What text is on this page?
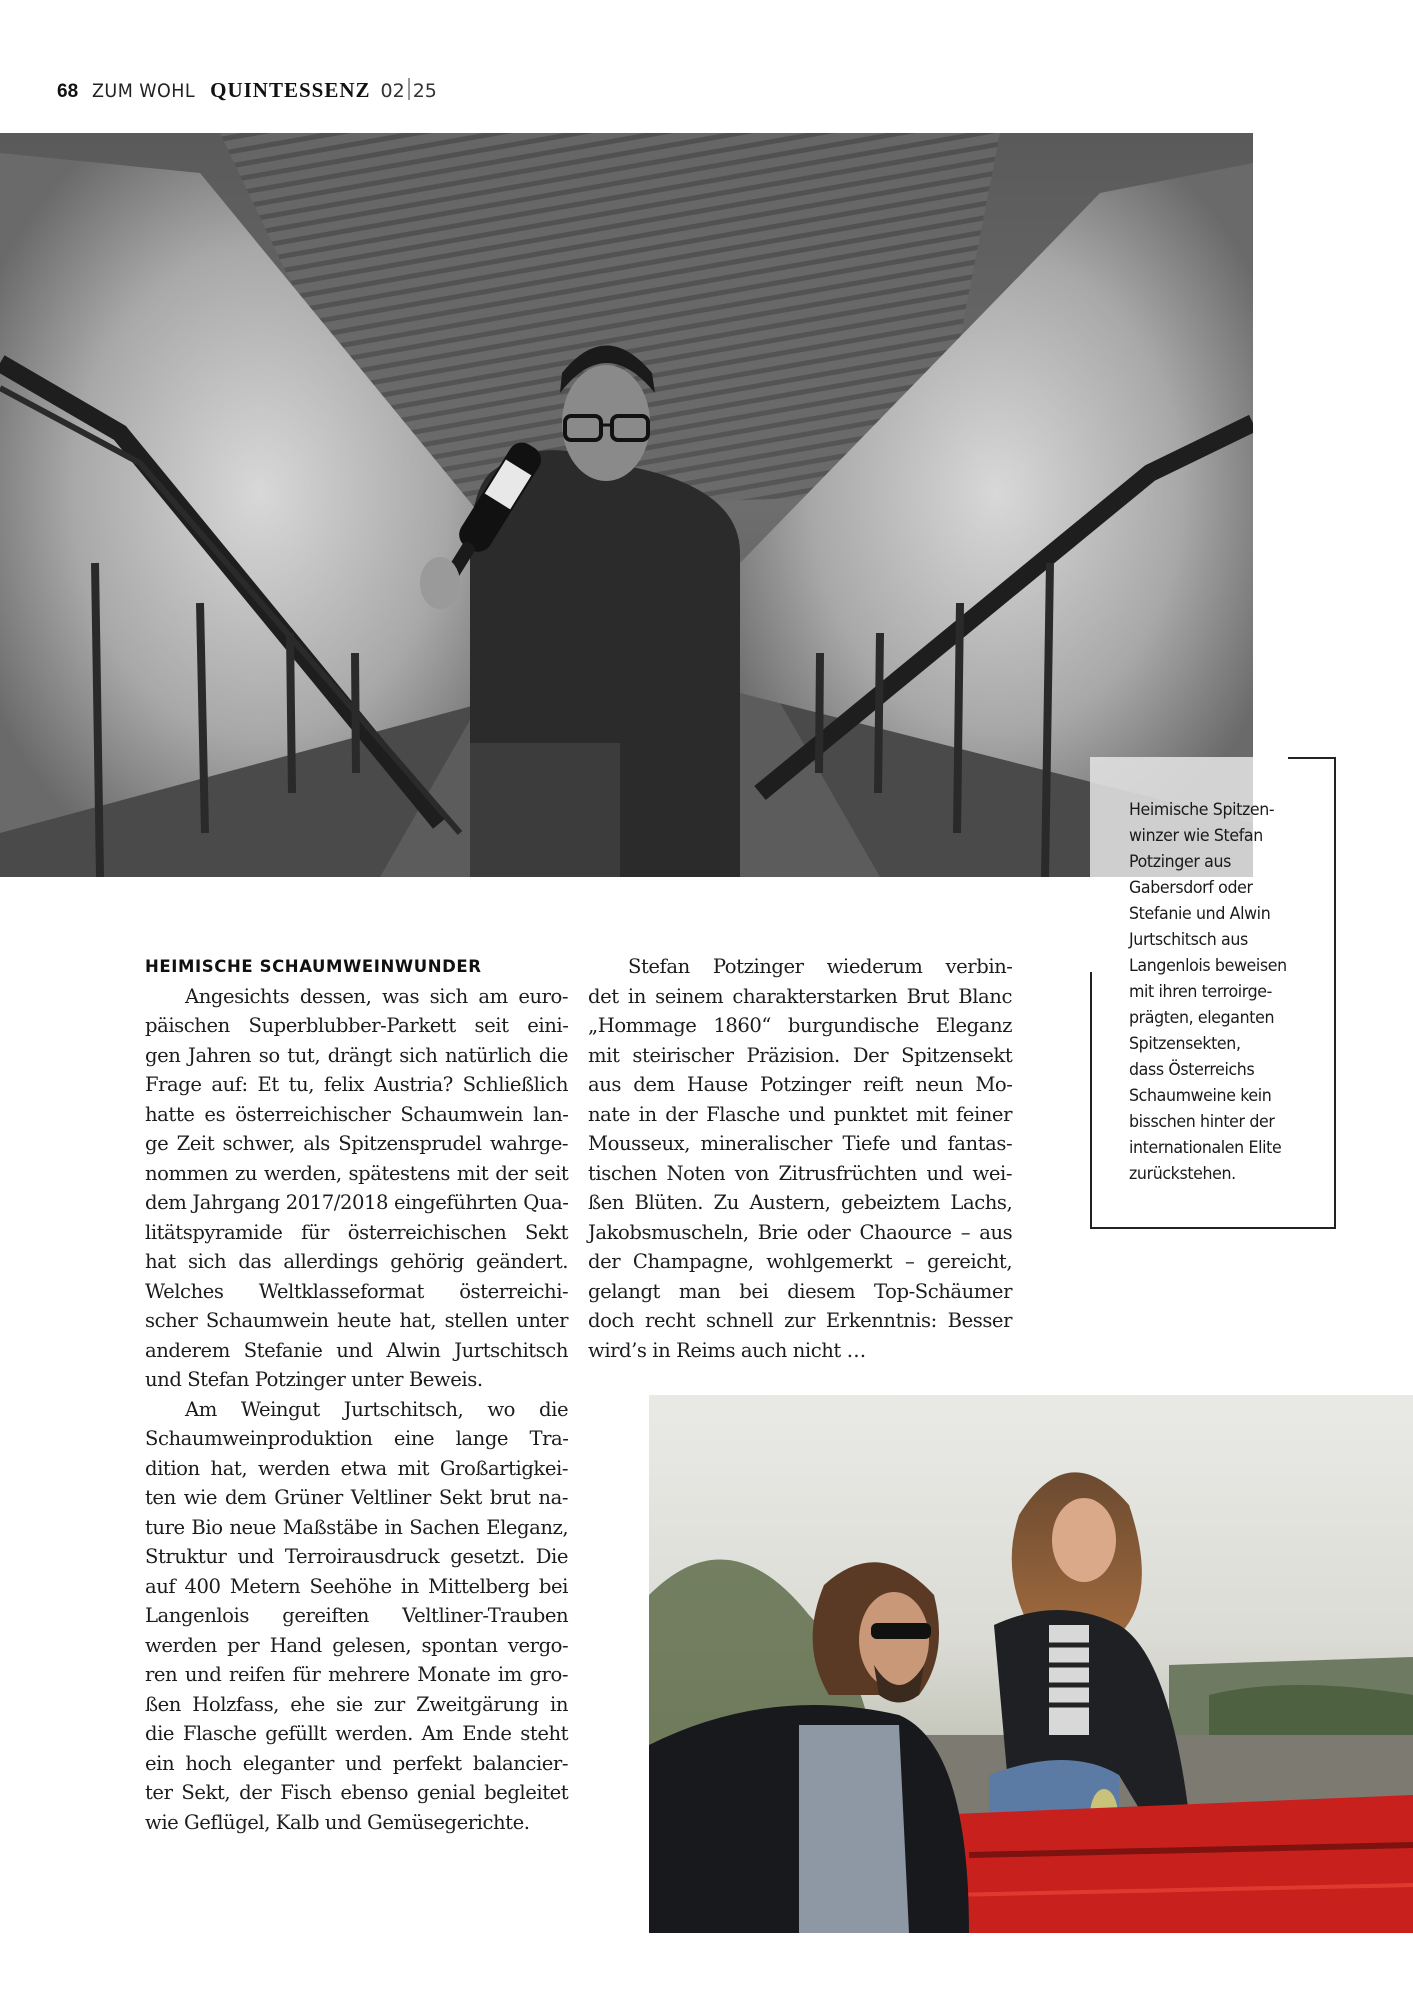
68 ZUM WOHL QUINTESSENZ 02 25
Heimische Spitzen-
winzer wie Stefan
Potzinger aus
Gabersdorf oder
Stefanie und Alwin
Jurtschitsch aus
Langenlois beweisen
mit ihren terroirge-
prägten, eleganten
Spitzensekten,
dass Österreichs
Schaumweine kein
bisschen hinter der
internationalen Elite
zurückstehen.
HEIMISCHE SCHAUMWEINWUNDER
Angesichts dessen, was sich am euro-
päischen Superblubber-Parkett seit eini-
gen Jahren so tut, drängt sich natürlich die
Frage auf: Et tu, felix Austria? Schließlich
hatte es österreichischer Schaumwein lan-
ge Zeit schwer, als Spitzensprudel wahrge-
nommen zu werden, spätestens mit der seit
dem Jahrgang 2017/2018 eingeführten Qua-
litätspyramide für österreichischen Sekt
hat sich das allerdings gehörig geändert.
Welches Weltklasseformat österreichi-
scher Schaumwein heute hat, stellen unter
anderem Stefanie und Alwin Jurtschitsch
und Stefan Potzinger unter Beweis.
Am Weingut Jurtschitsch, wo die
Schaumweinproduktion eine lange Tra-
dition hat, werden etwa mit Großartigkei-
ten wie dem Grüner Veltliner Sekt brut na-
ture Bio neue Maßstäbe in Sachen Eleganz,
Struktur und Terroirausdruck gesetzt. Die
auf 400 Metern Seehöhe in Mittelberg bei
Langenlois gereiften Veltliner-Trauben
werden per Hand gelesen, spontan vergo-
ren und reifen für mehrere Monate im gro-
ßen Holzfass, ehe sie zur Zweitgärung in
die Flasche gefüllt werden. Am Ende steht
ein hoch eleganter und perfekt balancier-
ter Sekt, der Fisch ebenso genial begleitet
wie Geflügel, Kalb und Gemüsegerichte.
Stefan Potzinger wiederum verbin-
det in seinem charakterstarken Brut Blanc
„Hommage 1860“ burgundische Eleganz
mit steirischer Präzision. Der Spitzensekt
aus dem Hause Potzinger reift neun Mo-
nate in der Flasche und punktet mit feiner
Mousseux, mineralischer Tiefe und fantas-
tischen Noten von Zitrusfrüchten und wei-
ßen Blüten. Zu Austern, gebeiztem Lachs,
Jakobsmuscheln, Brie oder Chaource – aus
der Champagne, wohlgemerkt – gereicht,
gelangt man bei diesem Top-Schäumer
doch recht schnell zur Erkenntnis: Besser
wird’s in Reims auch nicht …
